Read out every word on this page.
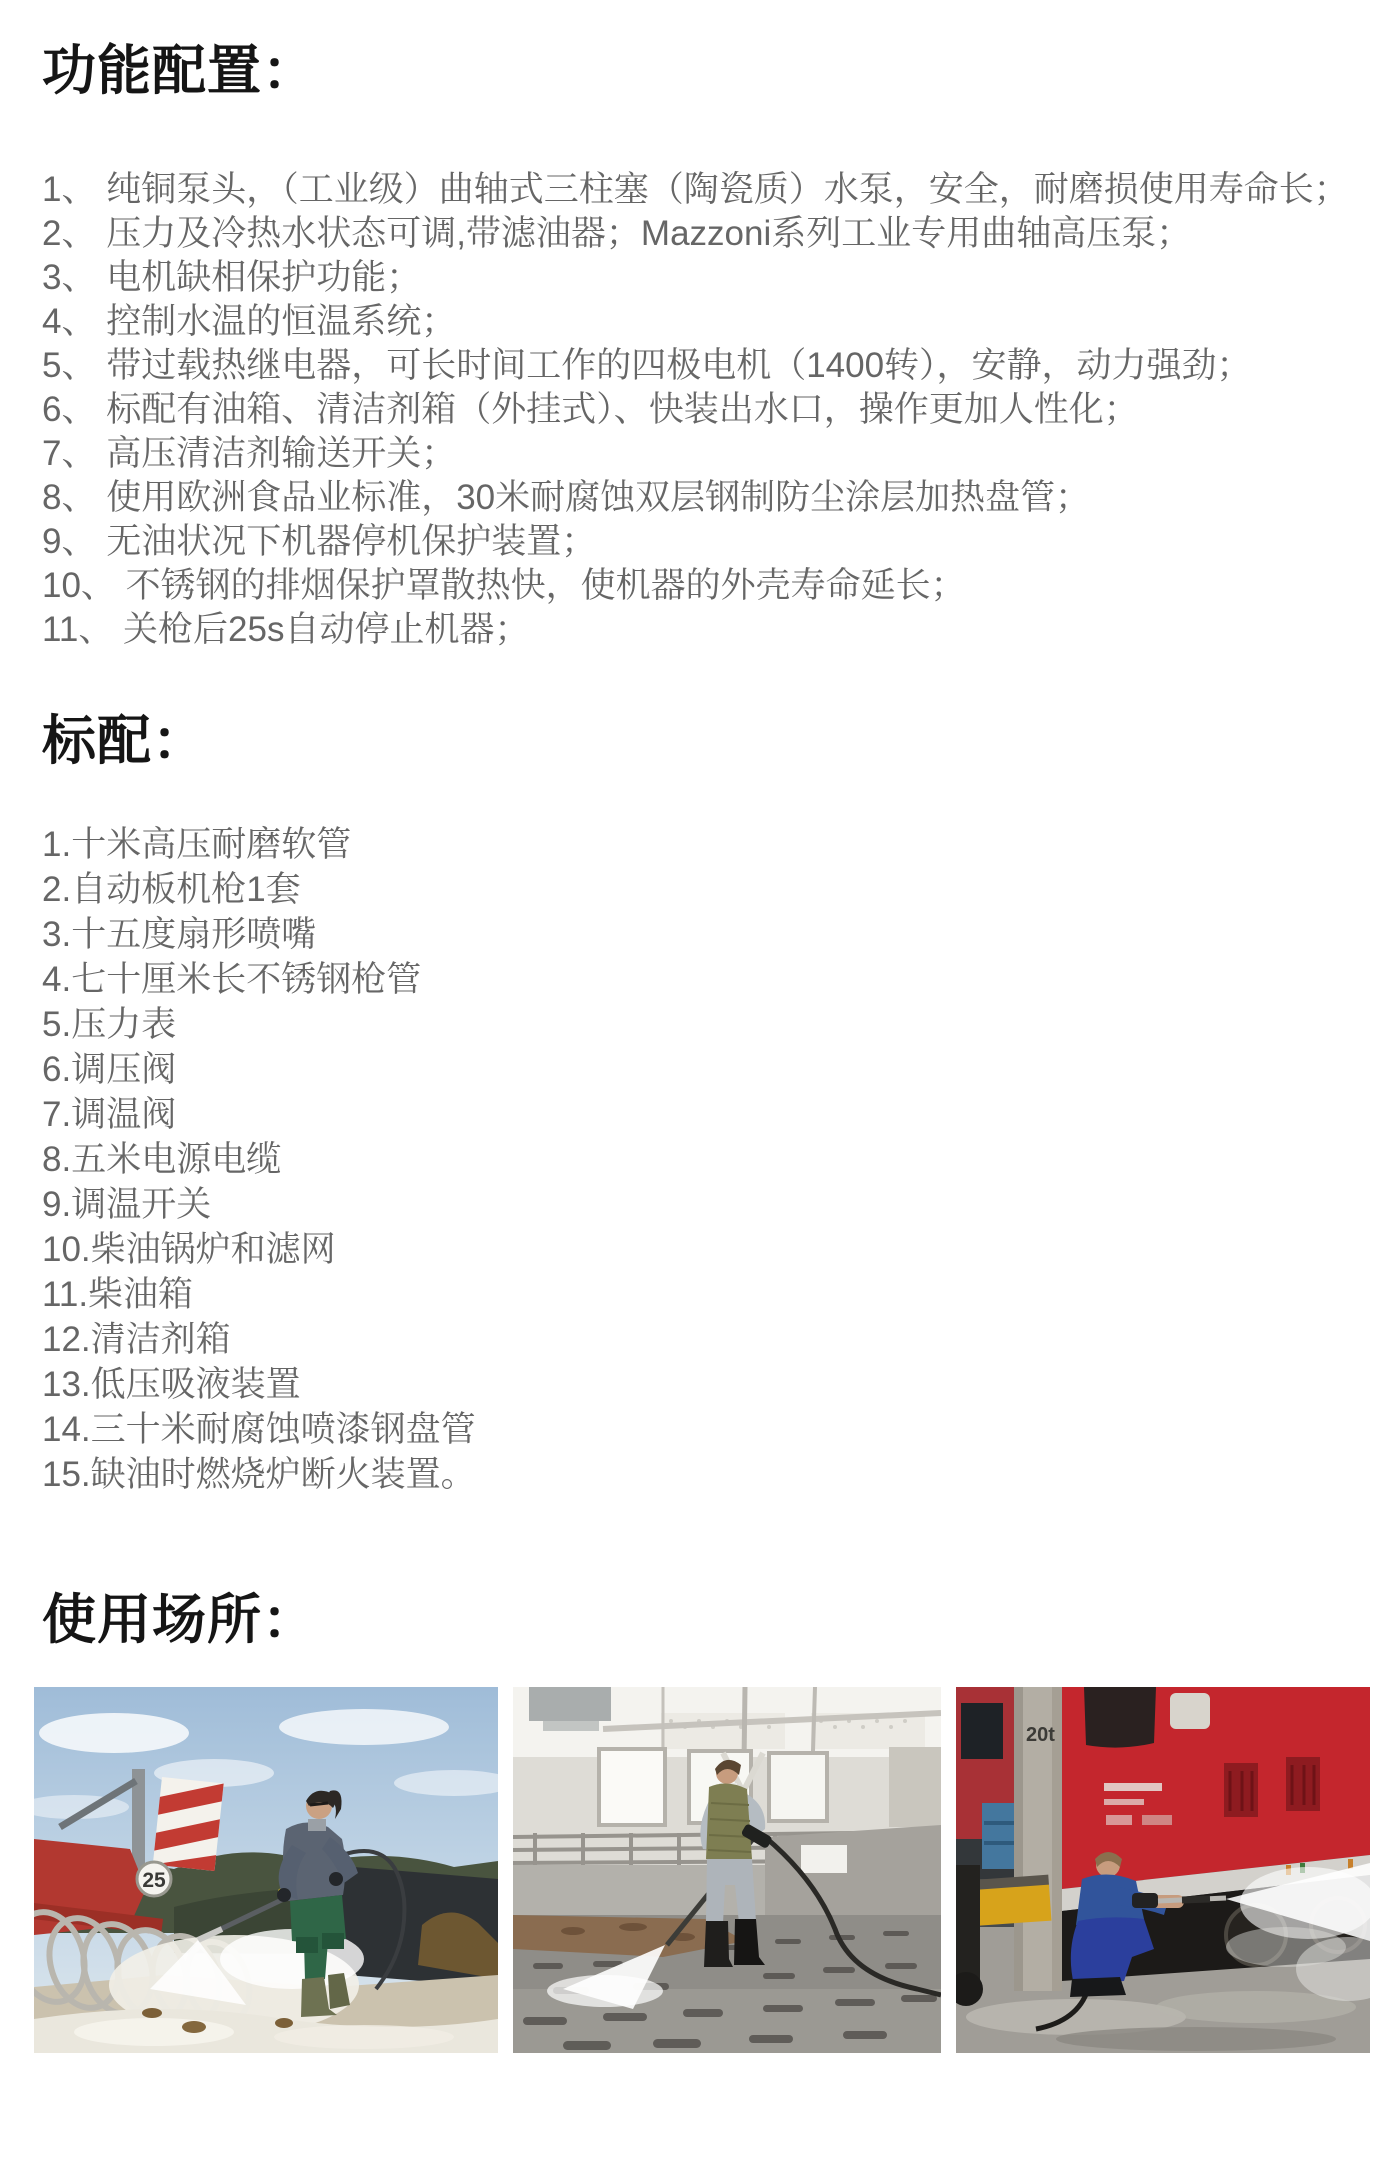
功能配置：
1、 纯铜泵头，（工业级）曲轴式三柱塞（陶瓷质）水泵，安全，耐磨损使用寿命长；
2、 压力及冷热水状态可调,带滤油器；Mazzoni系列工业专用曲轴高压泵；
3、 电机缺相保护功能；
4、 控制水温的恒温系统；
5、 带过载热继电器，可长时间工作的四极电机（1400转），安静，动力强劲；
6、 标配有油箱、清洁剂箱（外挂式）、快装出水口，操作更加人性化；
7、 高压清洁剂输送开关；
8、 使用欧洲食品业标准，30米耐腐蚀双层钢制防尘涂层加热盘管；
9、 无油状况下机器停机保护装置；
10、 不锈钢的排烟保护罩散热快，使机器的外壳寿命延长；
11、 关枪后25s自动停止机器；
标配：
1.十米高压耐磨软管
2.自动板机枪1套
3.十五度扇形喷嘴
4.七十厘米长不锈钢枪管
5.压力表
6.调压阀
7.调温阀
8.五米电源电缆
9.调温开关
10.柴油锅炉和滤网
11.柴油箱
12.清洁剂箱
13.低压吸液装置
14.三十米耐腐蚀喷漆钢盘管
15.缺油时燃烧炉断火装置。
使用场所：
25
20t
